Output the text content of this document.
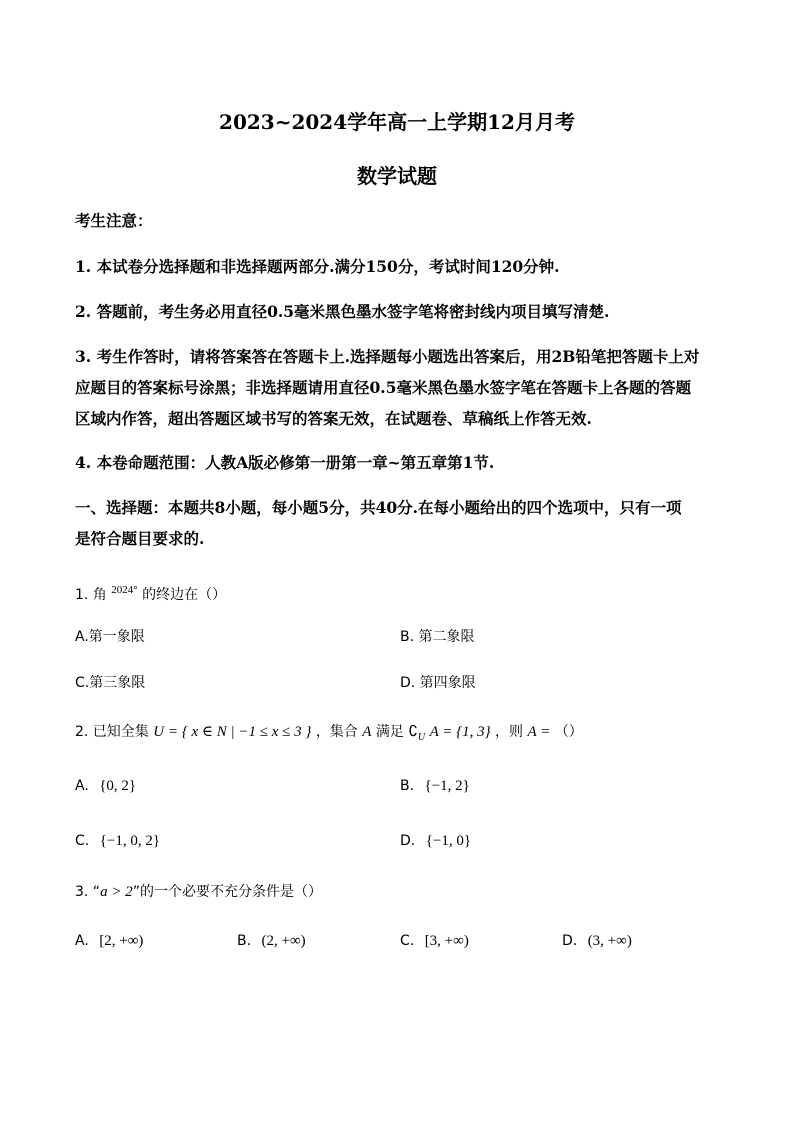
2023~2024学年高一上学期12月月考
数学试题
考生注意：
1. 本试卷分选择题和非选择题两部分.满分150分，考试时间120分钟.
2. 答题前，考生务必用直径0.5毫米黑色墨水签字笔将密封线内项目填写清楚.
3. 考生作答时，请将答案答在答题卡上.选择题每小题选出答案后，用2B铅笔把答题卡上对
应题目的答案标号涂黑；非选择题请用直径0.5毫米黑色墨水签字笔在答题卡上各题的答题
区域内作答，超出答题区域书写的答案无效，在试题卷、草稿纸上作答无效.
4. 本卷命题范围：人教A版必修第一册第一章~第五章第1节.
一、选择题：本题共8小题，每小题5分，共40分.在每小题给出的四个选项中，只有一项
是符合题目要求的.
1. 角 $^{2024^\circ}$ 的终边在（）
A.第一象限	B. 第二象限
C.第三象限	D. 第四象限
2. 已知全集 U = { x ∈ N | −1 ≤ x ≤ 3 } ，集合 A 满足 $∁_U$ A = {1, 3} ，则 A = （）
A. {0, 2}	B. {−1, 2}
C. {−1, 0, 2}	D. {−1, 0}
3. “a > 2”的一个必要不充分条件是（）
A. [2, +∞)	B. (2, +∞)	C. [3, +∞)	D. (3, +∞)
